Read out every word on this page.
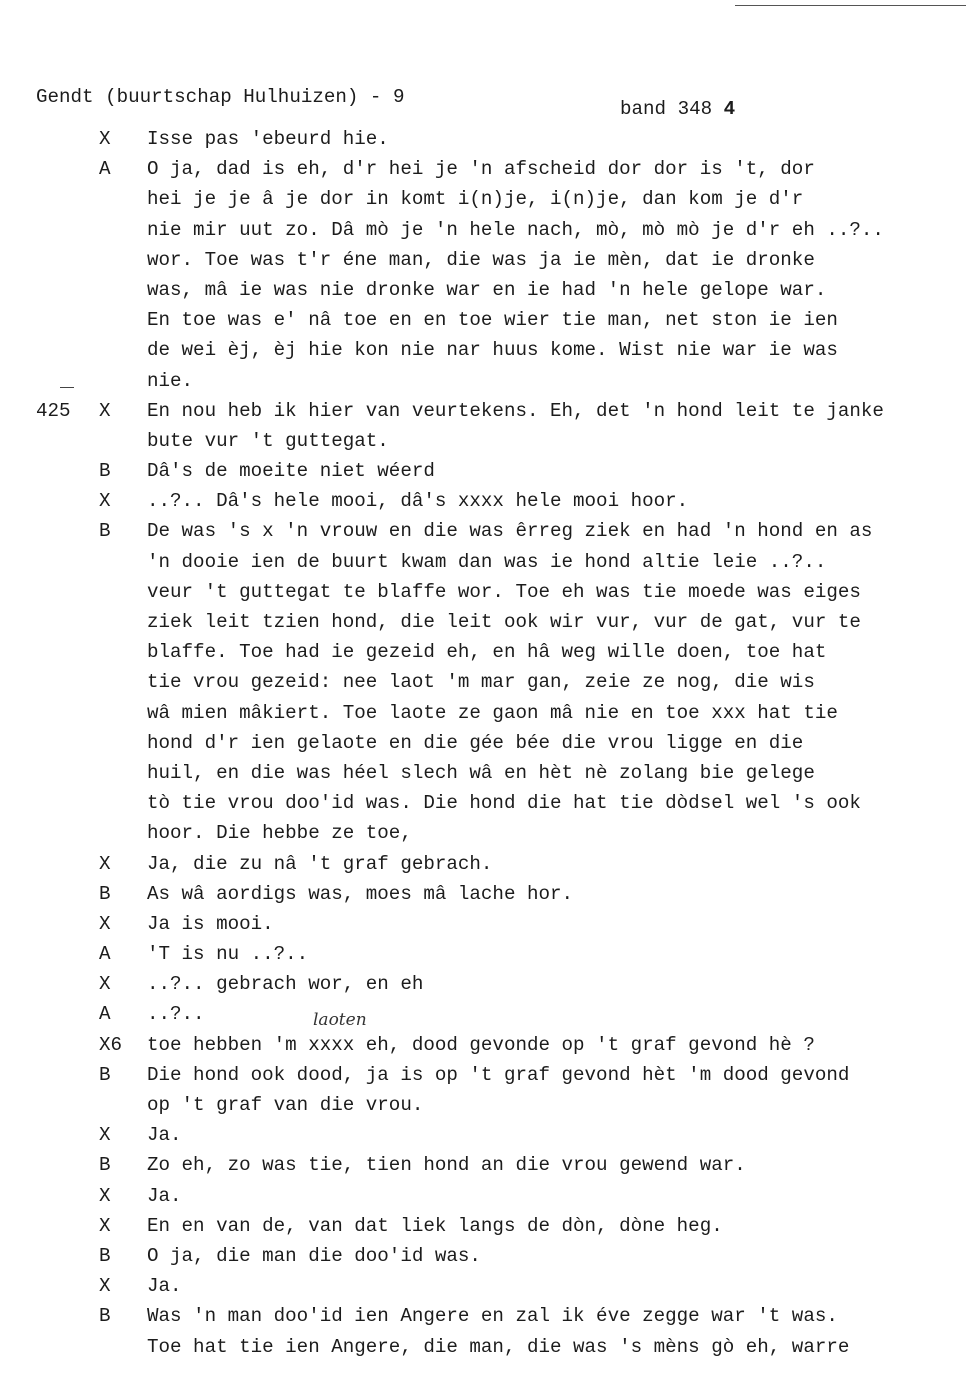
Gendt (buurtschap Hulhuizen) - 9
band 348 4
laoten
X Isse pas 'ebeurd hie.
A O ja, dad is eh, d'r hei je 'n afscheid dor dor is 't, dor
hei je je â je dor in komt i(n)je, i(n)je, dan kom je d'r
nie mir uut zo. Dâ mò je 'n hele nach, mò, mò mò je d'r eh ..?..
wor. Toe was t'r éne man, die was ja ie mèn, dat ie dronke
was, mâ ie was nie dronke war en ie had 'n hele gelope war.
En toe was e' nâ toe en en toe wier tie man, net ston ie ien
de wei èj, èj hie kon nie nar huus kome. Wist nie war ie was
nie.
425 X En nou heb ik hier van veurtekens. Eh, det 'n hond leit te janke
bute vur 't guttegat.
B Dâ's de moeite niet wéerd
X ..?.. Dâ's hele mooi, dâ's xxxx hele mooi hoor.
B De was 's x 'n vrouw en die was êrreg ziek en had 'n hond en as
'n dooie ien de buurt kwam dan was ie hond altie leie ..?..
veur 't guttegat te blaffe wor. Toe eh was tie moede was eiges
ziek leit tzien hond, die leit ook wir vur, vur de gat, vur te
blaffe. Toe had ie gezeid eh, en hâ weg wille doen, toe hat
tie vrou gezeid: nee laot 'm mar gan, zeie ze nog, die wis
wâ mien mâkiert. Toe laote ze gaon mâ nie en toe xxx hat tie
hond d'r ien gelaote en die gée bée die vrou ligge en die
huil, en die was héel slech wâ en hèt nè zolang bie gelege
tò tie vrou doo'id was. Die hond die hat tie dòdsel wel 's ook
hoor. Die hebbe ze toe,
X Ja, die zu nâ 't graf gebrach.
B As wâ aordigs was, moes mâ lache hor.
X Ja is mooi.
A 'T is nu ..?..
X ..?.. gebrach wor, en eh
A ..?..
X6 toe hebben 'm xxxx eh, dood gevonde op 't graf gevond hè ?
B Die hond ook dood, ja is op 't graf gevond hèt 'm dood gevond
op 't graf van die vrou.
X Ja.
B Zo eh, zo was tie, tien hond an die vrou gewend war.
X Ja.
X En en van de, van dat liek langs de dòn, dòne heg.
B O ja, die man die doo'id was.
X Ja.
B Was 'n man doo'id ien Angere en zal ik éve zegge war 't was.
Toe hat tie ien Angere, die man, die was 's mèns gò eh, warre
